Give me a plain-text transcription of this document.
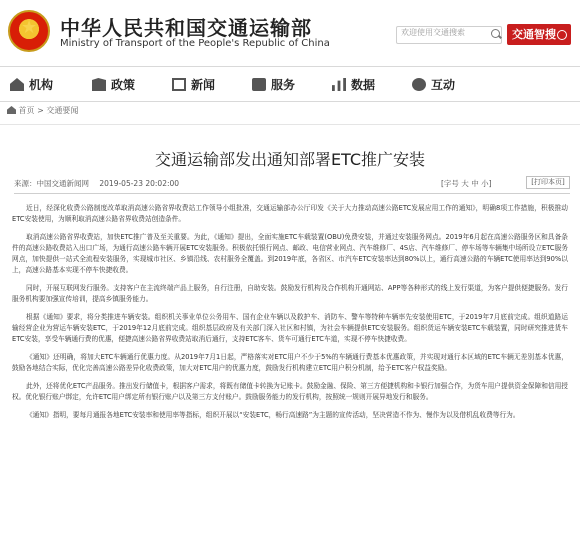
★
中华人民共和国交通运输部
Ministry of Transport of the People's Republic of China
欢迎使用交通搜索	交通智搜
机构	政策	新闻	服务	数据	互动
首页 > 交通要闻
交通运输部发出通知部署ETC推广安装
来源：中国交通新闻网 2019-05-23 20:02:00	[字号 大 中 小]	[打印本页]

近日，经深化收费公路制度改革取消高速公路省界收费站工作领导小组批准，交通运输部办公厅印发《关于大力推动高速公路ETC发展应用工作的通知》，明确8项工作措施，积极推动ETC安装使用，为顺利取消高速公路省界收费站创造条件。

取消高速公路省界收费站，加快ETC推广普及至关重要。为此，《通知》提出，全面实施ETC车载装置(OBU)免费安装，并通过安装服务网点。2019年6月起在高速公路服务区和具备条件的高速公路收费站入出口广场，为通行高速公路车辆开展ETC安装服务。积极依托银行网点、邮政、电信营业网点、汽车维修厂、4S店、汽车维修厂、停车场等车辆集中场所设立ETC服务网点，加快提供一站式全流程安装服务，实现城市社区、乡镇沿线、农村服务全覆盖。到2019年底，各省区、市汽车ETC安装率达到80%以上，通行高速公路的车辆ETC使用率达到90%以上，高速公路基本实现不停车快捷收费。

同时，开展互联网发行服务。支持客户在主流终端产品上服务，自行注册，自助安装。鼓励发行机构及合作机构开通网站、APP等各种形式的线上发行渠道，为客户提供便捷服务。发行服务机构要加强宣传培训，提高乡镇服务能力。

根据《通知》要求，将分类推进车辆安装。组织机关事业单位公务用车、国有企业车辆以及救护车、消防车、警车等特种车辆率先安装使用ETC，于2019年7月底前完成。组织道路运输经营企业为营运车辆安装ETC，于2019年12月底前完成。组织基层政府及有关部门深入社区和村镇，为社会车辆提供ETC安装服务。组织货运车辆安装ETC车载装置，同时研究推进货车ETC安装，享受车辆通行费的优惠，便捷高速公路省界收费站取消后通行，支持ETC客车、货车可通行ETC车道，实现不停车快捷收费。

《通知》还明确，将加大ETC车辆通行优惠力度。从2019年7月1日起，严格落实对ETC用户不少于5%的车辆通行费基本优惠政策，并实现对通行本区域的ETC车辆无差别基本优惠，鼓励各地结合实际，优化完善高速公路差异化收费政策，加大对ETC用户的优惠力度，鼓励发行机构建立ETC用户积分机制，给予ETC客户权益奖励。

此外，还将优化ETC产品服务。推出发行储值卡，根据客户需求，将既有储值卡转换为记账卡。鼓励金融、保险、第三方便捷机构和卡银行加强合作，为货车用户提供资金保障和信用授权。优化银行账户绑定，允许ETC用户绑定所有银行账户以及第三方支付账户。鼓励服务能力的发行机构，按照统一规则开展异地发行和服务。

《通知》指明，要每月通报各地ETC安装率和使用率等指标，组织开展以“安装ETC，畅行高速路”为主题的宣传活动，坚决营造不作为、慢作为以及借机乱收费等行为。
